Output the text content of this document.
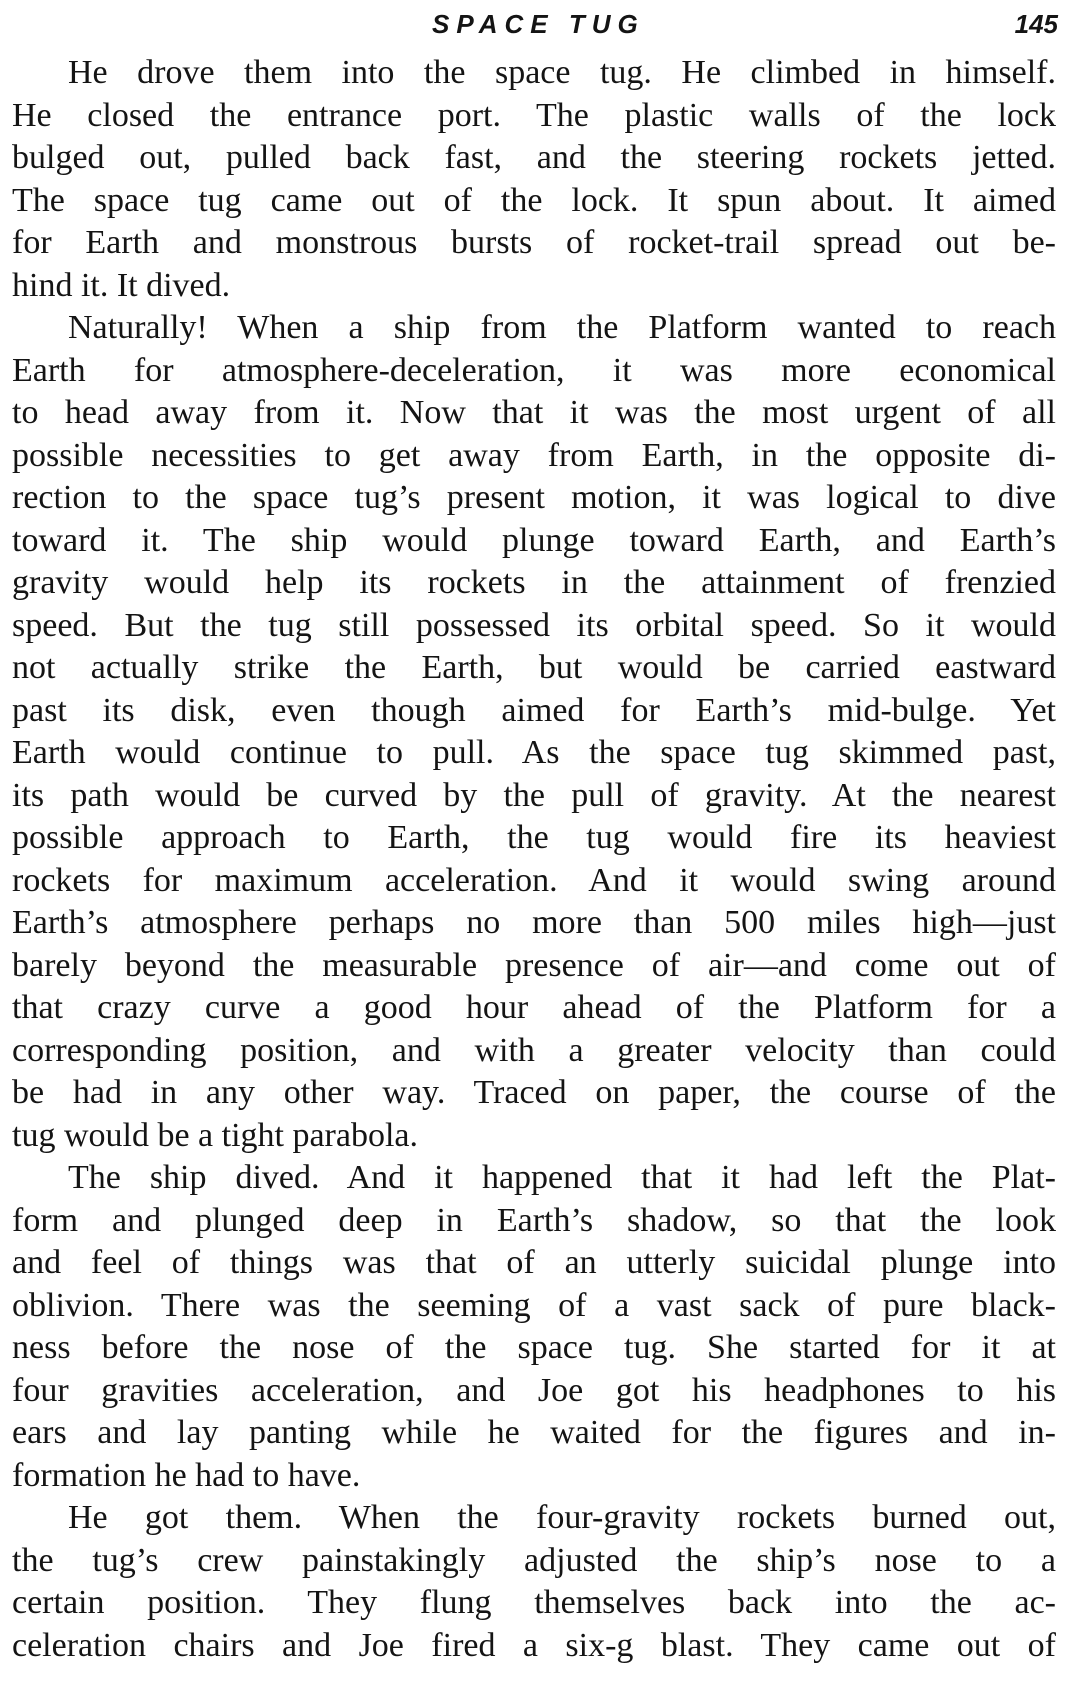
SPACE TUG	145
He drove them into the space tug. He climbed in himself.
He closed the entrance port. The plastic walls of the lock
bulged out, pulled back fast, and the steering rockets jetted.
The space tug came out of the lock. It spun about. It aimed
for Earth and monstrous bursts of rocket-trail spread out be-
hind it. It dived.
Naturally! When a ship from the Platform wanted to reach
Earth for atmosphere-deceleration, it was more economical
to head away from it. Now that it was the most urgent of all
possible necessities to get away from Earth, in the opposite di-
rection to the space tug’s present motion, it was logical to dive
toward it. The ship would plunge toward Earth, and Earth’s
gravity would help its rockets in the attainment of frenzied
speed. But the tug still possessed its orbital speed. So it would
not actually strike the Earth, but would be carried eastward
past its disk, even though aimed for Earth’s mid-bulge. Yet
Earth would continue to pull. As the space tug skimmed past,
its path would be curved by the pull of gravity. At the nearest
possible approach to Earth, the tug would fire its heaviest
rockets for maximum acceleration. And it would swing around
Earth’s atmosphere perhaps no more than 500 miles high—just
barely beyond the measurable presence of air—and come out of
that crazy curve a good hour ahead of the Platform for a
corresponding position, and with a greater velocity than could
be had in any other way. Traced on paper, the course of the
tug would be a tight parabola.
The ship dived. And it happened that it had left the Plat-
form and plunged deep in Earth’s shadow, so that the look
and feel of things was that of an utterly suicidal plunge into
oblivion. There was the seeming of a vast sack of pure black-
ness before the nose of the space tug. She started for it at
four gravities acceleration, and Joe got his headphones to his
ears and lay panting while he waited for the figures and in-
formation he had to have.
He got them. When the four-gravity rockets burned out,
the tug’s crew painstakingly adjusted the ship’s nose to a
certain position. They flung themselves back into the ac-
celeration chairs and Joe fired a six-g blast. They came out of
